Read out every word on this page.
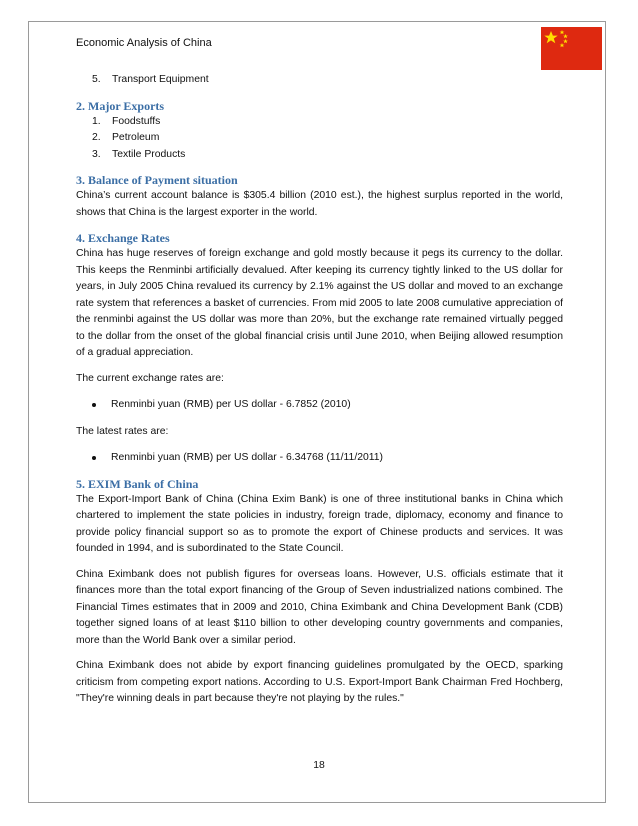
Economic Analysis of China
5.	Transport Equipment
2. Major Exports
1.	Foodstuffs
2.	Petroleum
3.	Textile Products
3. Balance of Payment situation

China’s current account balance is $305.4 billion (2010 est.), the highest surplus reported in the world, shows that China is the largest exporter in the world.

4. Exchange Rates

China has huge reserves of foreign exchange and gold mostly because it pegs its currency to the dollar. This keeps the Renminbi artificially devalued. After keeping its currency tightly linked to the US dollar for years, in July 2005 China revalued its currency by 2.1% against the US dollar and moved to an exchange rate system that references a basket of currencies. From mid 2005 to late 2008 cumulative appreciation of the renminbi against the US dollar was more than 20%, but the exchange rate remained virtually pegged to the dollar from the onset of the global financial crisis until June 2010, when Beijing allowed resumption of a gradual appreciation.

The current exchange rates are:

Renminbi yuan (RMB) per US dollar - 6.7852 (2010)

The latest rates are:

Renminbi yuan (RMB) per US dollar - 6.34768 (11/11/2011)
5. EXIM Bank of China

The Export-Import Bank of China (China Exim Bank) is one of three institutional banks in China which chartered to implement the state policies in industry, foreign trade, diplomacy, economy and finance to provide policy financial support so as to promote the export of Chinese products and services. It was founded in 1994, and is subordinated to the State Council.

China Eximbank does not publish figures for overseas loans. However, U.S. officials estimate that it finances more than the total export financing of the Group of Seven industrialized nations combined. The Financial Times estimates that in 2009 and 2010, China Eximbank and China Development Bank (CDB) together signed loans of at least $110 billion to other developing country governments and companies, more than the World Bank over a similar period.

China Eximbank does not abide by export financing guidelines promulgated by the OECD, sparking criticism from competing export nations. According to U.S. Export-Import Bank Chairman Fred Hochberg, "They're winning deals in part because they're not playing by the rules."

18
